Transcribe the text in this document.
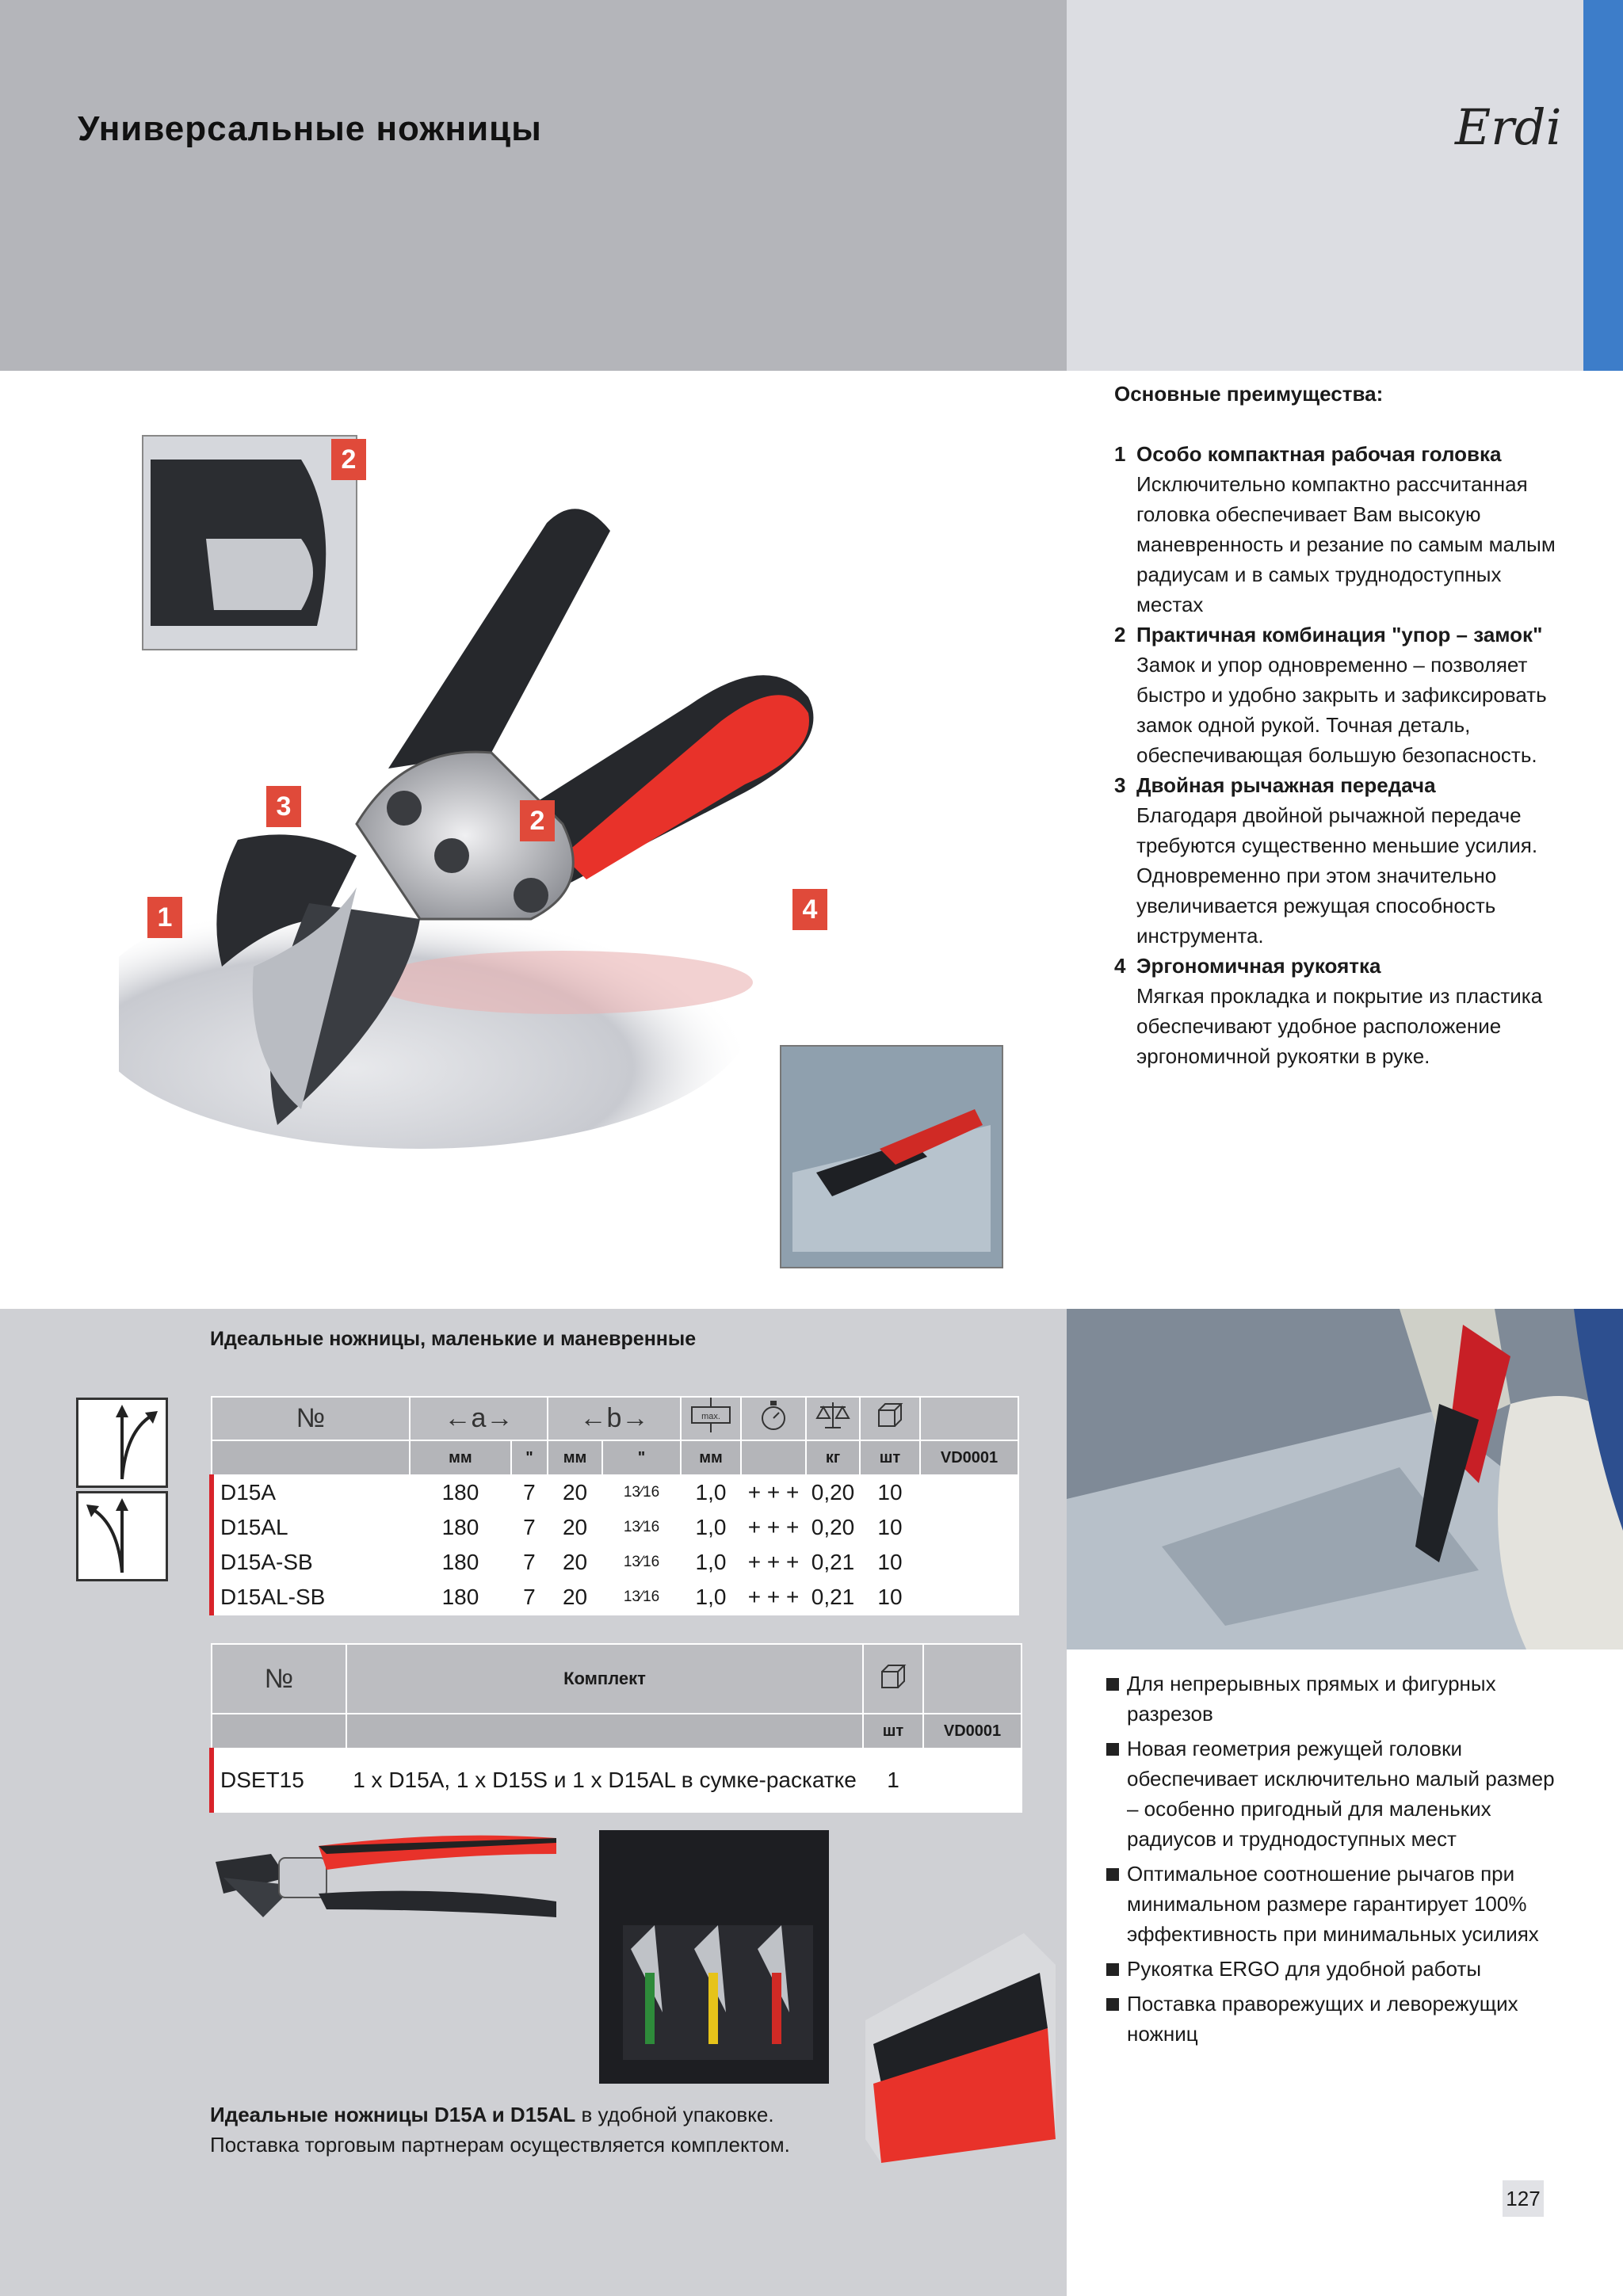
Универсальные ножницы	Erdi
2
1
3	2
4
Основные преимущества:
1 Особо компактная рабочая головка
Исключительно компактно рассчитанная головка обеспечивает Вам высокую маневренность и резание по самым малым радиусам и в самых труднодоступных местах
2 Практичная комбинация "упор – замок"
Замок и упор одновременно – позволяет быстро и удобно закрыть и зафиксировать замок одной рукой. Точная деталь, обеспечивающая большую безопасность.
3 Двойная рычажная передача
Благодаря двойной рычажной передаче требуются существенно меньшие усилия. Одновременно при этом значительно увеличивается режущая способность инструмента.
4 Эргономичная рукоятка
Мягкая прокладка и покрытие из пластика обеспечивают удобное расположение эргономичной рукоятки в руке.
Идеальные ножницы, маленькие и маневренные
№	←a→		←b→		max.

	мм	"	мм	"	мм		кг	шт	VD0001
D15A	180	7	20	13⁄16	1,0	+ + +	0,20	10	
D15AL	180	7	20	13⁄16	1,0	+ + +	0,20	10	
D15A-SB	180	7	20	13⁄16	1,0	+ + +	0,21	10	
D15AL-SB	180	7	20	13⁄16	1,0	+ + +	0,21	10	
№	Комплект		
		шт	VD0001
DSET15	1 x D15A, 1 x D15S и 1 x D15AL в сумке-раскатке	1	
Идеальные ножницы D15A и D15AL в удобной упаковке.
Поставка торговым партнерам осуществляется комплектом.
Для непрерывных прямых и фигурных разрезов
Новая геометрия режущей головки обеспечивает исключительно малый размер – особенно пригодный для маленьких радиусов и труднодоступных мест
Оптимальное соотношение рычагов при минимальном размере гарантирует 100% эффективность при минимальных усилиях
Рукоятка ERGO для удобной работы
Поставка праворежущих и леворежущих ножниц
127
